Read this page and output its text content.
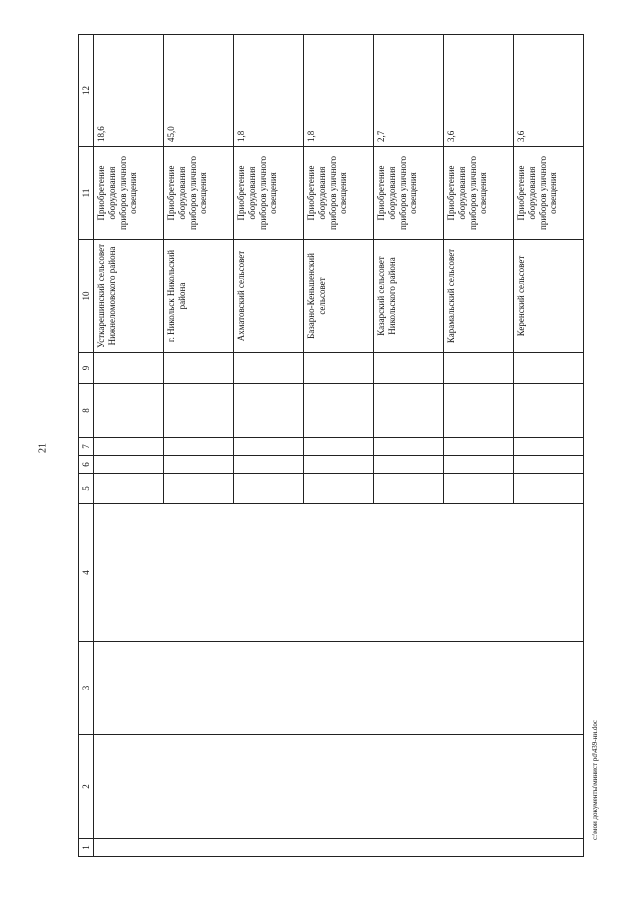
21
1	2	3	4	5	6	7	8	9	10	11	12
									Усткарешинский сельсовет Нижнеломовского района	Приобретение оборудования приборов уличного освещения	18,6
									г. Никольск Никольский района	Приобретение оборудования приборов уличного освещения	45,0
									Ахматовский сельсовет	Приобретение оборудования приборов уличного освещения	1,8
									Базарно-Кеньшенский сельсовет	Приобретение оборудования приборов уличного освещения	1,8
									Казарский сельсовет Никольского района	Приобретение оборудования приборов уличного освещения	2,7
									Карамальский сельсовет	Приобретение оборудования приборов уличного освещения	3,6
									Керенский сельсовет	Приобретение оборудования приборов уличного освещения	3,6
c:\мои документы\минист pd\439-ни.doc
